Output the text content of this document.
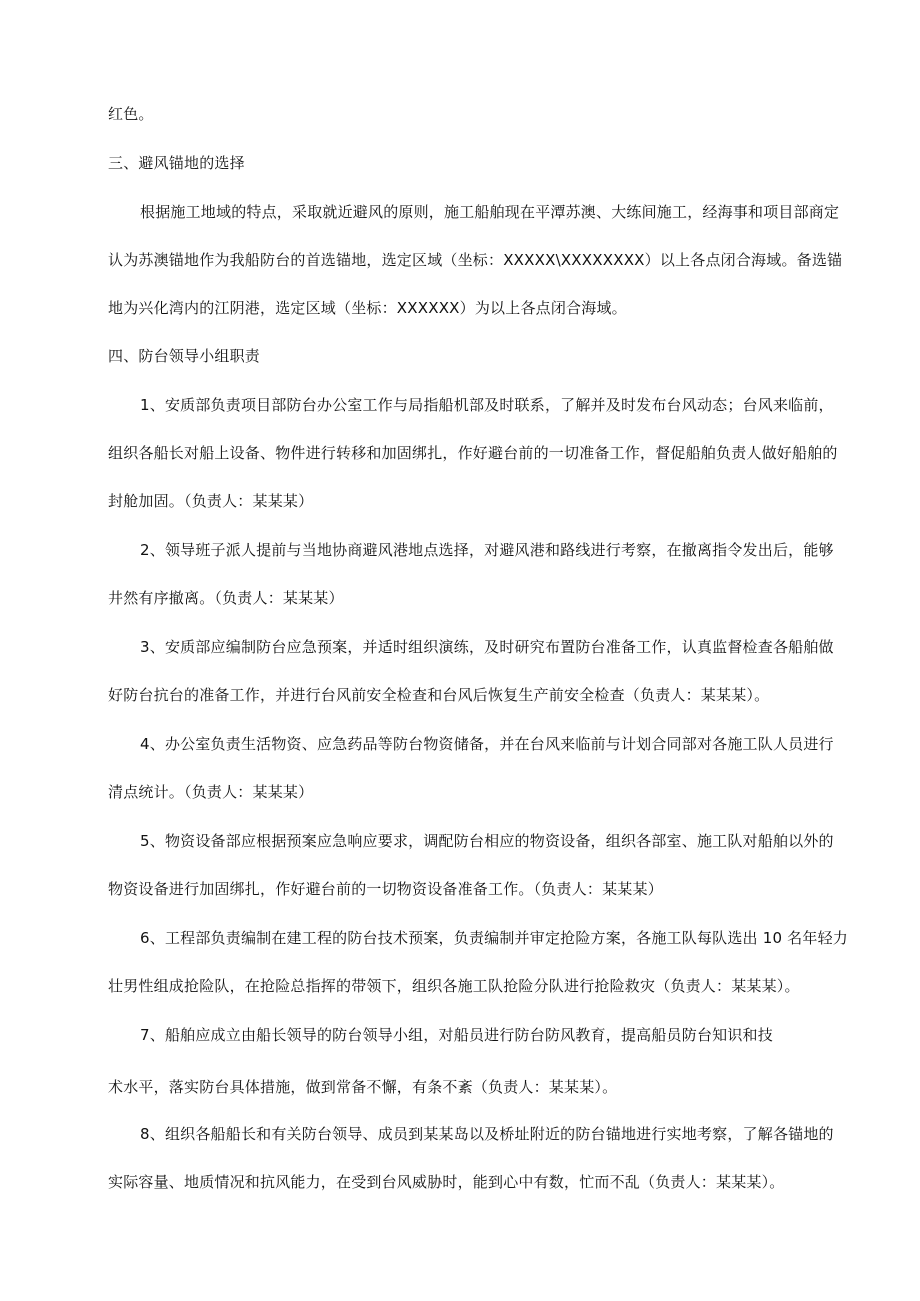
红色。
三、避风锚地的选择
根据施工地域的特点，采取就近避风的原则，施工船舶现在平潭苏澳、大练间施工，经海事和项目部商定
认为苏澳锚地作为我船防台的首选锚地，选定区域（坐标：XXXXX\XXXXXXXX）以上各点闭合海域。备选锚
地为兴化湾内的江阴港，选定区域（坐标：XXXXXX）为以上各点闭合海域。
四、防台领导小组职责
1、安质部负责项目部防台办公室工作与局指船机部及时联系，了解并及时发布台风动态；台风来临前，
组织各船长对船上设备、物件进行转移和加固绑扎，作好避台前的一切准备工作，督促船舶负责人做好船舶的
封舱加固。（负责人：某某某）
2、领导班子派人提前与当地协商避风港地点选择，对避风港和路线进行考察，在撤离指令发出后，能够
井然有序撤离。（负责人：某某某）
3、安质部应编制防台应急预案，并适时组织演练，及时研究布置防台准备工作，认真监督检查各船舶做
好防台抗台的准备工作，并进行台风前安全检查和台风后恢复生产前安全检查（负责人：某某某）。
4、办公室负责生活物资、应急药品等防台物资储备，并在台风来临前与计划合同部对各施工队人员进行
清点统计。（负责人：某某某）
5、物资设备部应根据预案应急响应要求，调配防台相应的物资设备，组织各部室、施工队对船舶以外的
物资设备进行加固绑扎，作好避台前的一切物资设备准备工作。（负责人：某某某）
6、工程部负责编制在建工程的防台技术预案，负责编制并审定抢险方案，各施工队每队选出 10 名年轻力
壮男性组成抢险队，在抢险总指挥的带领下，组织各施工队抢险分队进行抢险救灾（负责人：某某某）。
7、船舶应成立由船长领导的防台领导小组，对船员进行防台防风教育，提高船员防台知识和技
术水平，落实防台具体措施，做到常备不懈，有条不紊（负责人：某某某）。
8、组织各船船长和有关防台领导、成员到某某岛以及桥址附近的防台锚地进行实地考察，了解各锚地的
实际容量、地质情况和抗风能力，在受到台风威胁时，能到心中有数，忙而不乱（负责人：某某某）。
